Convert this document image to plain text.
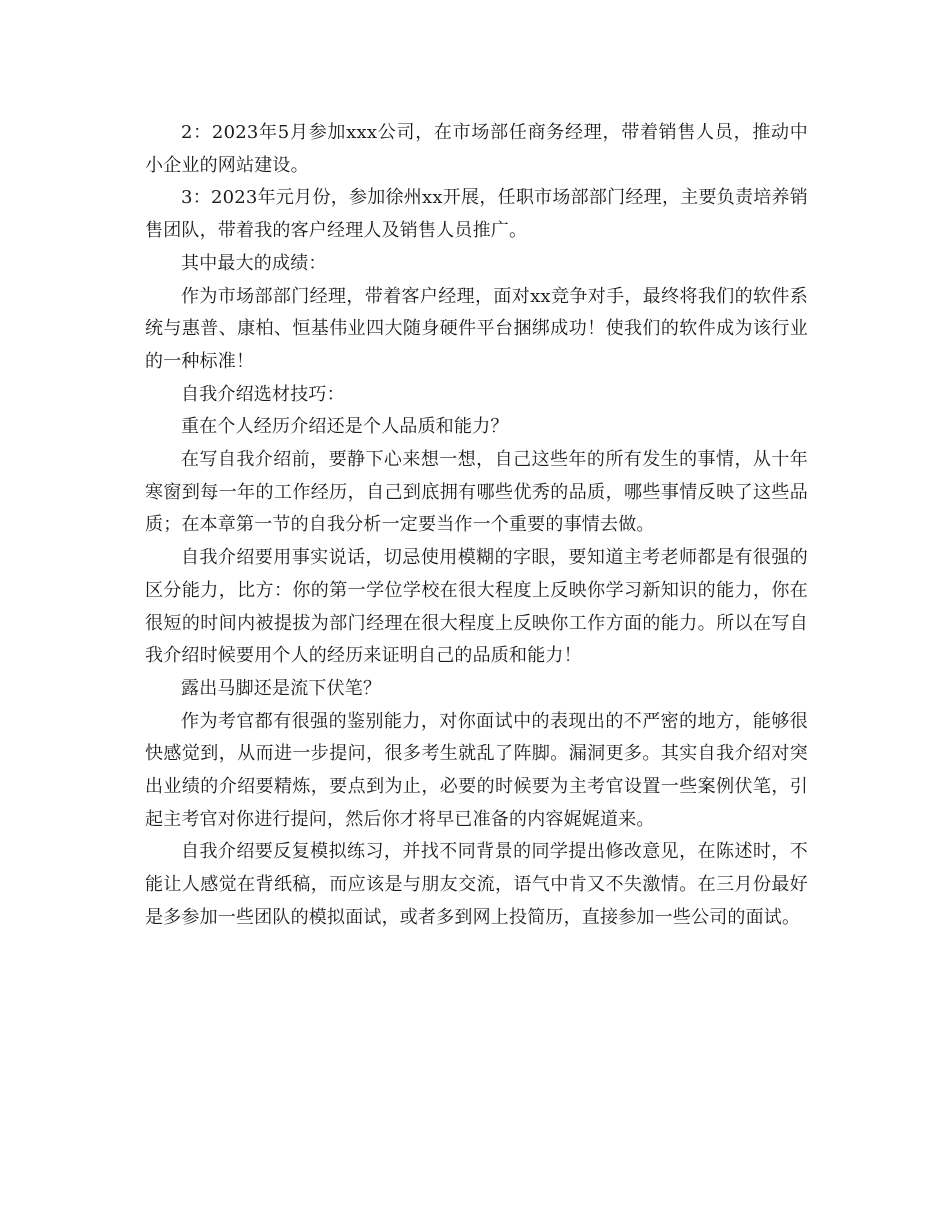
2：2023年5月参加xxx公司，在市场部任商务经理，带着销售人员，推动中小企业的网站建设。

3：2023年元月份，参加徐州xx开展，任职市场部部门经理，主要负责培养销售团队，带着我的客户经理人及销售人员推广。

其中最大的成绩：

作为市场部部门经理，带着客户经理，面对xx竞争对手，最终将我们的软件系统与惠普、康柏、恒基伟业四大随身硬件平台捆绑成功！使我们的软件成为该行业的一种标准！

自我介绍选材技巧：

重在个人经历介绍还是个人品质和能力？

在写自我介绍前，要静下心来想一想，自己这些年的所有发生的事情，从十年寒窗到每一年的工作经历，自己到底拥有哪些优秀的品质，哪些事情反映了这些品质；在本章第一节的自我分析一定要当作一个重要的事情去做。

自我介绍要用事实说话，切忌使用模糊的字眼，要知道主考老师都是有很强的区分能力，比方：你的第一学位学校在很大程度上反映你学习新知识的能力，你在很短的时间内被提拔为部门经理在很大程度上反映你工作方面的能力。所以在写自我介绍时候要用个人的经历来证明自己的品质和能力！

露出马脚还是流下伏笔？

作为考官都有很强的鉴别能力，对你面试中的表现出的不严密的地方，能够很快感觉到，从而进一步提问，很多考生就乱了阵脚。漏洞更多。其实自我介绍对突出业绩的介绍要精炼，要点到为止，必要的时候要为主考官设置一些案例伏笔，引起主考官对你进行提问，然后你才将早已准备的内容娓娓道来。

自我介绍要反复模拟练习，并找不同背景的同学提出修改意见，在陈述时，不能让人感觉在背纸稿，而应该是与朋友交流，语气中肯又不失激情。在三月份最好是多参加一些团队的模拟面试，或者多到网上投简历，直接参加一些公司的面试。
